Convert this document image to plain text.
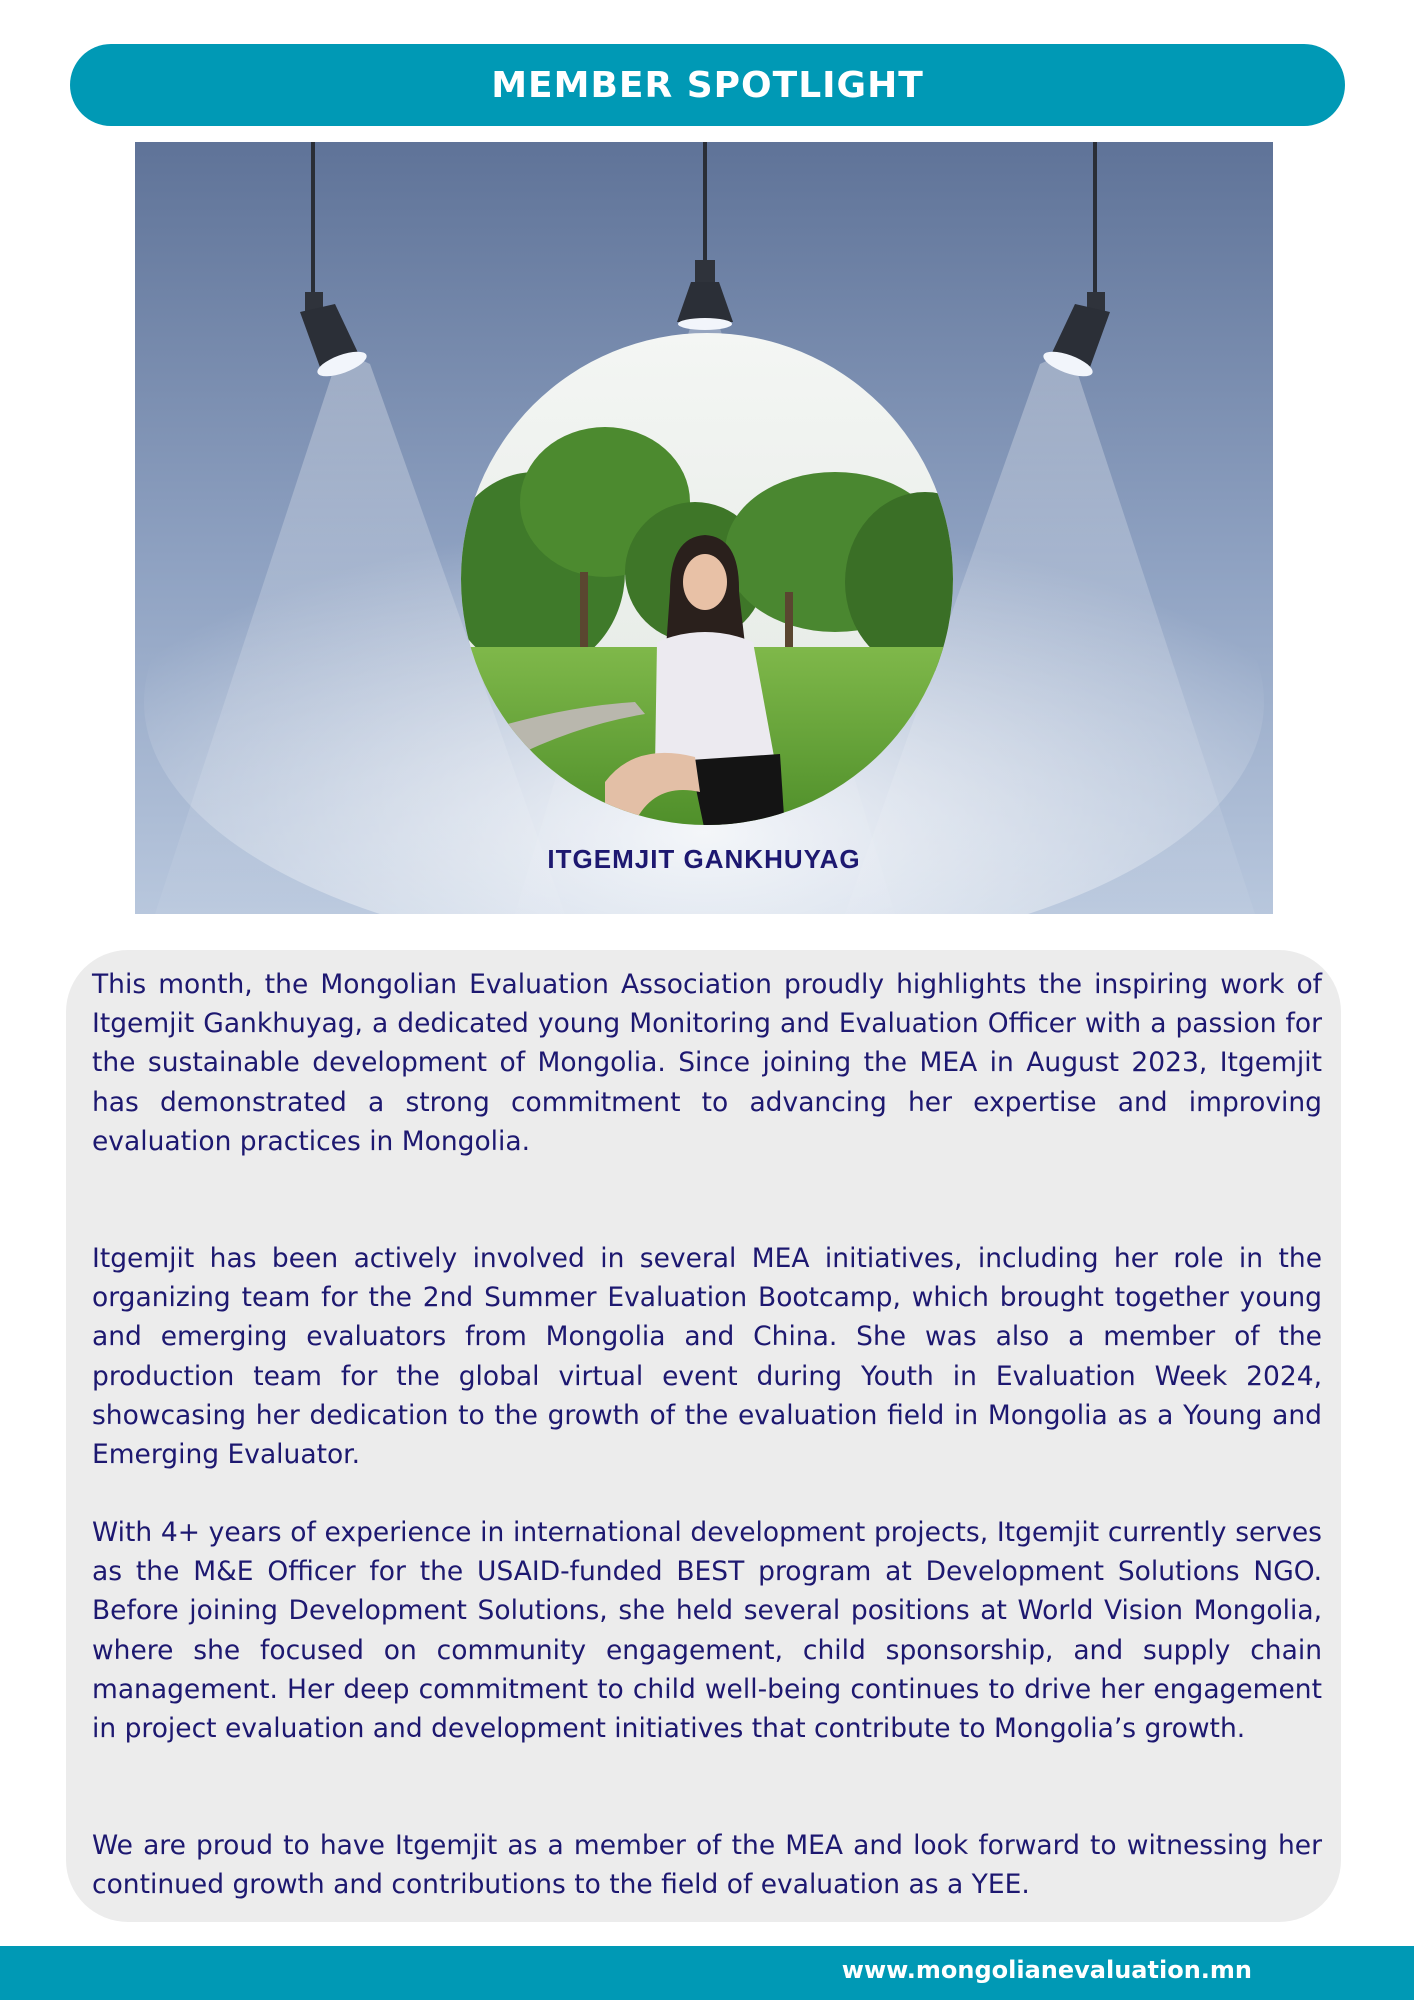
MEMBER SPOTLIGHT
ITGEMJIT GANKHUYAG

This month, the Mongolian Evaluation Association proudly highlights the inspiring work of Itgemjit Gankhuyag, a dedicated young Monitoring and Evaluation Officer with a passion for the sustainable development of Mongolia. Since joining the MEA in August 2023, Itgemjit has demonstrated a strong commitment to advancing her expertise and improving evaluation practices in Mongolia.

Itgemjit has been actively involved in several MEA initiatives, including her role in the organizing team for the 2nd Summer Evaluation Bootcamp, which brought together young and emerging evaluators from Mongolia and China. She was also a member of the production team for the global virtual event during Youth in Evaluation Week 2024, showcasing her dedication to the growth of the evaluation field in Mongolia as a Young and Emerging Evaluator.

With 4+ years of experience in international development projects, Itgemjit currently serves as the M&E Officer for the USAID-funded BEST program at Development Solutions NGO. Before joining Development Solutions, she held several positions at World Vision Mongolia, where she focused on community engagement, child sponsorship, and supply chain management. Her deep commitment to child well-being continues to drive her engagement in project evaluation and development initiatives that contribute to Mongolia’s growth.

We are proud to have Itgemjit as a member of the MEA and look forward to witnessing her continued growth and contributions to the field of evaluation as a YEE.

www.mongolianevaluation.mn
